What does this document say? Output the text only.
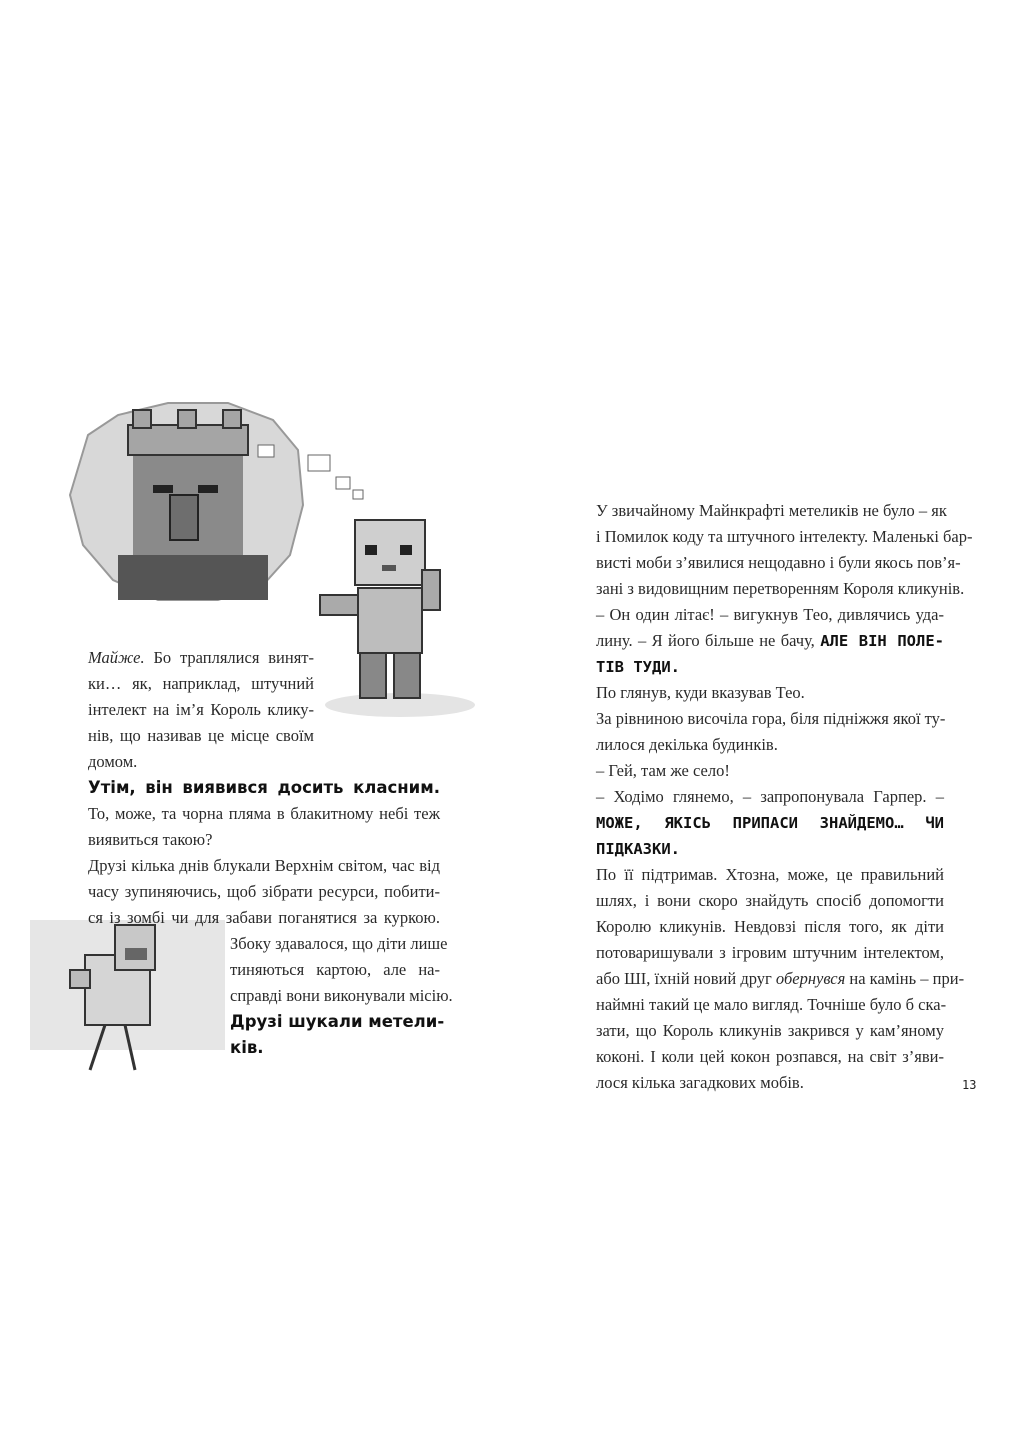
Майже. Бо траплялися винят-
ки… як, наприклад, штучний
інтелект на ім’я Король клику-
нів, що називав це місце своїм
домом.
Утім, він виявився досить класним.
То, може, та чорна пляма в блакитному небі теж
виявиться такою?
Друзі кілька днів блукали Верхнім світом, час від
часу зупиняючись, щоб зібрати ресурси, побити-
ся із зомбі чи для забави поганятися за куркою.
Збоку здавалося, що діти лише
тиняються картою, але на-
справді вони виконували місію.
Друзі шукали метели-
ків.
У звичайному Майнкрафті метеликів не було – як
і Помилок коду та штучного інтелекту. Маленькі бар-
висті моби з’явилися нещодавно і були якось пов’я-
зані з видовищним перетворенням Короля кликунів.
– Он один літає! – вигукнув Тео, дивлячись уда-
лину. – Я його більше не бачу, АЛЕ ВІН ПОЛЕ-
ТІВ ТУДИ.
По глянув, куди вказував Тео.
За рівниною височіла гора, біля підніжжя якої ту-
лилося декілька будинків.
– Гей, там же село!
– Ходімо глянемо, – запропонувала Гарпер. –
МОЖЕ, ЯКІСЬ ПРИПАСИ ЗНАЙДЕМО… ЧИ
ПІДКАЗКИ.
По її підтримав. Хтозна, може, це правильний
шлях, і вони скоро знайдуть спосіб допомогти
Королю кликунів. Невдовзі після того, як діти
потоваришували з ігровим штучним інтелектом,
або ШІ, їхній новий друг обернувся на камінь – при-
наймні такий це мало вигляд. Точніше було б ска-
зати, що Король кликунів закрився у кам’яному
коконі. І коли цей кокон розпався, на світ з’яви-
лося кілька загадкових мобів.	13
